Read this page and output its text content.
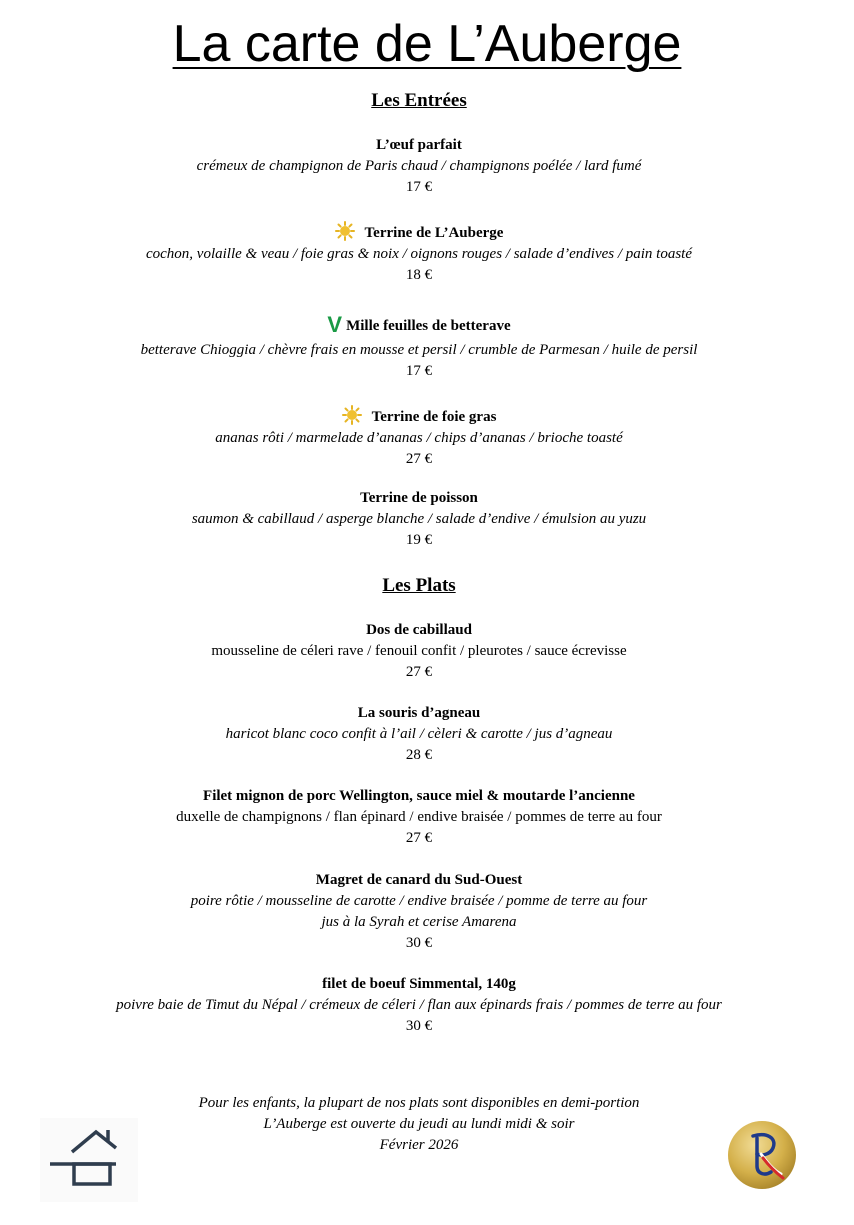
La carte de L’Auberge
Les Entrées
L’œuf parfait
crémeux de champignon de Paris chaud / champignons poélée / lard fumé
17 €
Terrine de L’Auberge
cochon, volaille & veau / foie gras & noix / oignons rouges / salade d’endives / pain toasté
18 €
V Mille feuilles de betterave
betterave Chioggia / chèvre frais en mousse et persil / crumble de Parmesan / huile de persil
17 €
Terrine de foie gras
ananas rôti / marmelade d’ananas / chips d’ananas / brioche toasté
27 €
Terrine de poisson
saumon & cabillaud / asperge blanche / salade d’endive / émulsion au yuzu
19 €
Les Plats
Dos de cabillaud
mousseline de céleri rave / fenouil confit / pleurotes / sauce écrevisse
27 €
La souris d’agneau
haricot blanc coco confit à l’ail / cèleri & carotte / jus d’agneau
28 €
Filet mignon de porc Wellington, sauce miel & moutarde l’ancienne
duxelle de champignons / flan épinard / endive braisée / pommes de terre au four
27 €
Magret de canard du Sud-Ouest
poire rôtie / mousseline de carotte / endive braisée / pomme de terre au four
jus à la Syrah et cerise Amarena
30 €
filet de boeuf Simmental, 140g
poivre baie de Timut du Népal / crémeux de céleri / flan aux épinards frais / pommes de terre au four
30 €
Pour les enfants, la plupart de nos plats sont disponibles en demi-portion
L’Auberge est ouverte du jeudi au lundi midi & soir
Février 2026
